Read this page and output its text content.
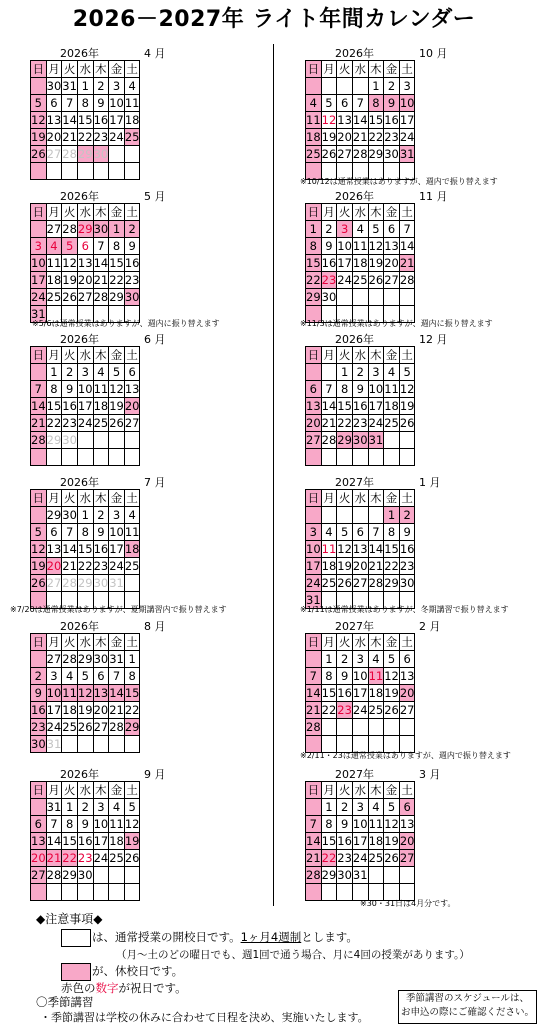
2026－2027年 ライト年間カレンダー
2026年	4 月
日	月	火	水	木	金	土
	30	31	1	2	3	4
5	6	7	8	9	10	11
12	13	14	15	16	17	18
19	20	21	22	23	24	25
26	27	28	29	30		

2026年	10 月
日	月	火	水	木	金	土
				1	2	3
4	5	6	7	8	9	10
11	12	13	14	15	16	17
18	19	20	21	22	23	24
25	26	27	28	29	30	31

※10/12は通常授業はありますが、週内で振り替えます
2026年	5 月
日	月	火	水	木	金	土
	27	28	29	30	1	2
3	4	5	6	7	8	9
10	11	12	13	14	15	16
17	18	19	20	21	22	23
24	25	26	27	28	29	30
31						
※5/6は通常授業はありますが、週内に振り替えます
2026年	11 月
日	月	火	水	木	金	土
1	2	3	4	5	6	7
8	9	10	11	12	13	14
15	16	17	18	19	20	21
22	23	24	25	26	27	28
29	30					

※11/3は通常授業はありますが、週内に振り替えます
2026年	6 月
日	月	火	水	木	金	土
	1	2	3	4	5	6
7	8	9	10	11	12	13
14	15	16	17	18	19	20
21	22	23	24	25	26	27
28	29	30				

2026年	12 月
日	月	火	水	木	金	土
		1	2	3	4	5
6	7	8	9	10	11	12
13	14	15	16	17	18	19
20	21	22	23	24	25	26
27	28	29	30	31		

2026年	7 月
日	月	火	水	木	金	土
	29	30	1	2	3	4
5	6	7	8	9	10	11
12	13	14	15	16	17	18
19	20	21	22	23	24	25
26	27	28	29	30	31	

※7/20は通常授業はありますが、夏期講習内で振り替えます
2027年	1 月
日	月	火	水	木	金	土
					1	2
3	4	5	6	7	8	9
10	11	12	13	14	15	16
17	18	19	20	21	22	23
24	25	26	27	28	29	30
31						
※1/11は通常授業はありますが、冬期講習で振り替えます
2026年	8 月
日	月	火	水	木	金	土
	27	28	29	30	31	1
2	3	4	5	6	7	8
9	10	11	12	13	14	15
16	17	18	19	20	21	22
23	24	25	26	27	28	29
30	31					
2027年	2 月
日	月	火	水	木	金	土
	1	2	3	4	5	6
7	8	9	10	11	12	13
14	15	16	17	18	19	20
21	22	23	24	25	26	27
28						

※2/11・23は通常授業はありますが、週内で振り替えます
2026年	9 月
日	月	火	水	木	金	土
	31	1	2	3	4	5
6	7	8	9	10	11	12
13	14	15	16	17	18	19
20	21	22	23	24	25	26
27	28	29	30			

2027年	3 月
日	月	火	水	木	金	土
	1	2	3	4	5	6
7	8	9	10	11	12	13
14	15	16	17	18	19	20
21	22	23	24	25	26	27
28	29	30	31			

※30・31日は4月分です。
◆注意事項◆
は、通常授業の開校日です。1ヶ月4週制とします。
（月～土のどの曜日でも、週1回で通う場合、月に4回の授業があります。）
が、休校日です。
赤色の数字が祝日です。
〇季節講習
・季節講習は学校の休みに合わせて日程を決め、実施いたします。
季節講習のスケジュールは、
お申込の際にご確認ください。
